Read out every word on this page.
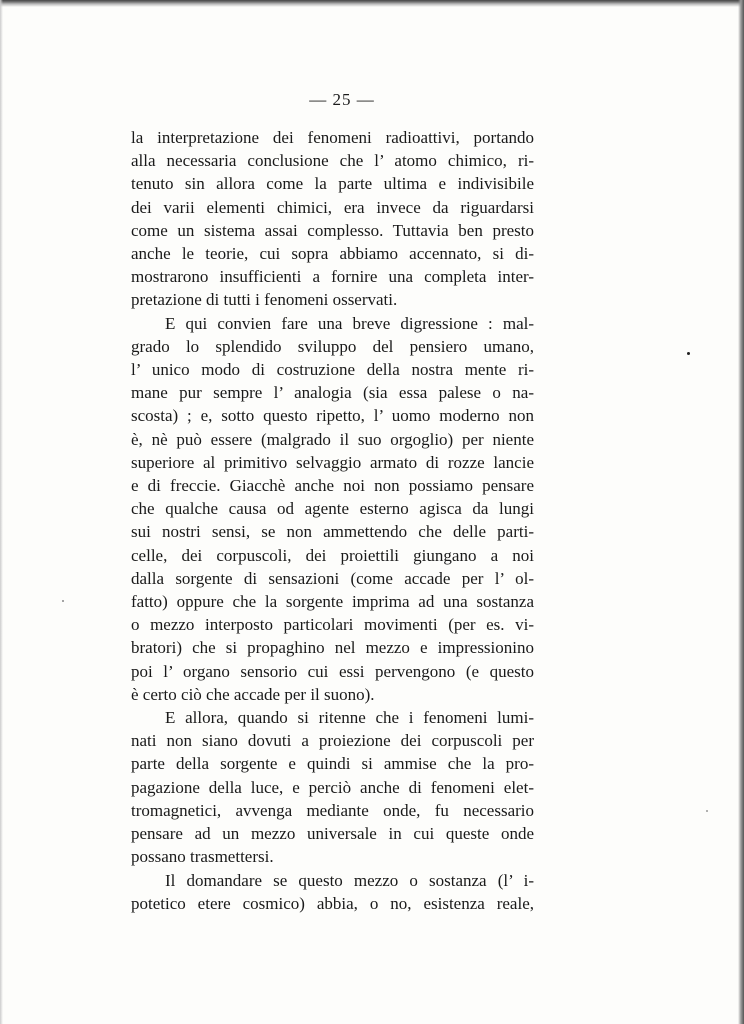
— 25 —
la interpretazione dei fenomeni radioattivi, portando
alla necessaria conclusione che l’ atomo chimico, ri-
tenuto sin allora come la parte ultima e indivisibile
dei varii elementi chimici, era invece da riguardarsi
come un sistema assai complesso. Tuttavia ben presto
anche le teorie, cui sopra abbiamo accennato, si di-
mostrarono insufficienti a fornire una completa inter-
pretazione di tutti i fenomeni osservati.
E qui convien fare una breve digressione : mal-
grado lo splendido sviluppo del pensiero umano,
l’ unico modo di costruzione della nostra mente ri-
mane pur sempre l’ analogia (sia essa palese o na-
scosta) ; e, sotto questo ripetto, l’ uomo moderno non
è, nè può essere (malgrado il suo orgoglio) per niente
superiore al primitivo selvaggio armato di rozze lancie
e di freccie. Giacchè anche noi non possiamo pensare
che qualche causa od agente esterno agisca da lungi
sui nostri sensi, se non ammettendo che delle parti-
celle, dei corpuscoli, dei proiettili giungano a noi
dalla sorgente di sensazioni (come accade per l’ ol-
fatto) oppure che la sorgente imprima ad una sostanza
o mezzo interposto particolari movimenti (per es. vi-
bratori) che si propaghino nel mezzo e impressionino
poi l’ organo sensorio cui essi pervengono (e questo
è certo ciò che accade per il suono).
E allora, quando si ritenne che i fenomeni lumi-
nati non siano dovuti a proiezione dei corpuscoli per
parte della sorgente e quindi si ammise che la pro-
pagazione della luce, e perciò anche di fenomeni elet-
tromagnetici, avvenga mediante onde, fu necessario
pensare ad un mezzo universale in cui queste onde
possano trasmettersi.
Il domandare se questo mezzo o sostanza (l’ i-
potetico etere cosmico) abbia, o no, esistenza reale,
